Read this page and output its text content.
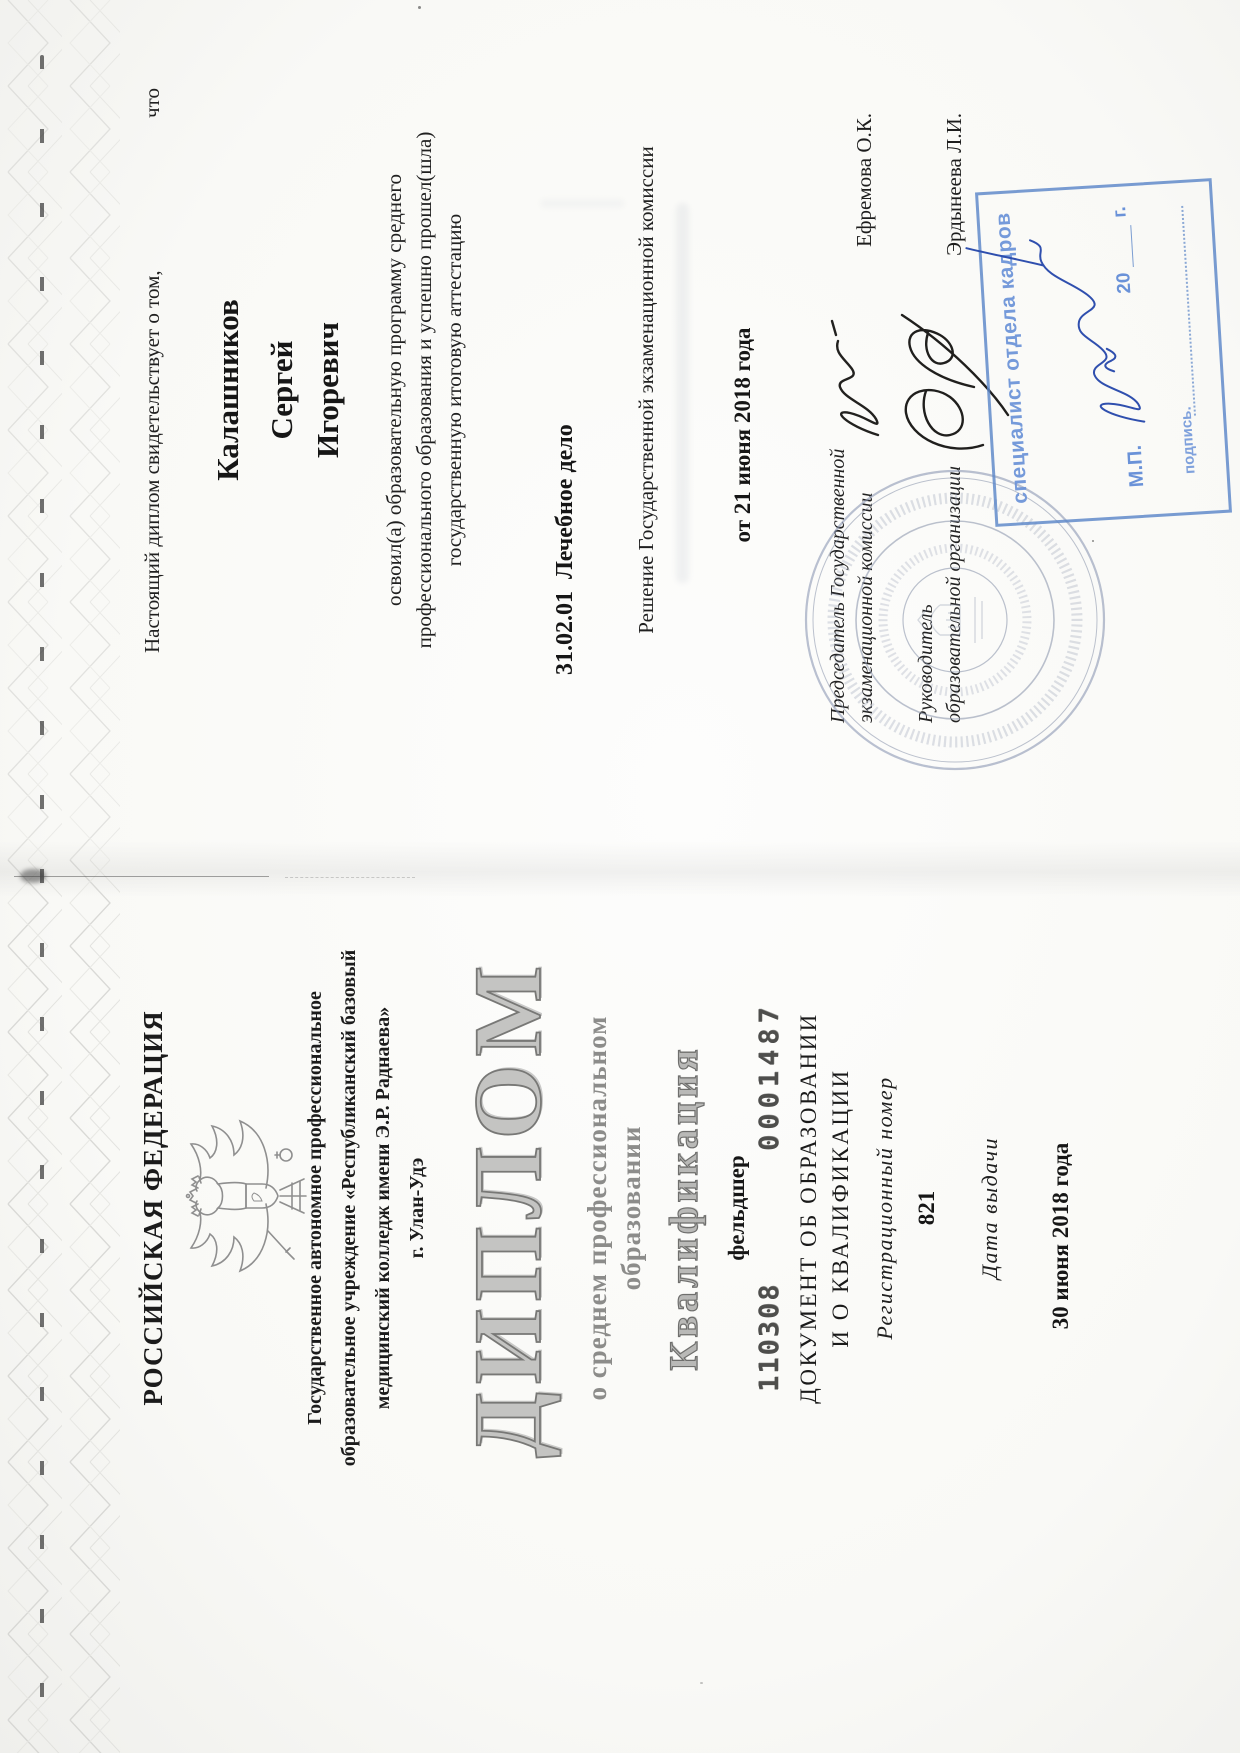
РОССИЙСКАЯ ФЕДЕРАЦИЯ	Государственное автономное профессиональное образовательное учреждение «Республиканский базовый медицинский колледж имени Э.Р. Раднаева» г. Улан-Удэ ДИПЛОМ о среднем профессиональном образовании Квалификация фельдшер
110308
0001487 ДОКУМЕНТ ОБ ОБРАЗОВАНИИ И О КВАЛИФИКАЦИИ Регистрационный номер 821 Дата выдачи 30 июня 2018 года
Настоящий диплом свидетельствует о том,
что
Калашников Сергей Игоревич освоил(а) образовательную программу среднего профессионального образования и успешно прошел(шла) государственную итоговую аттестацию	31.02.01  Лечебное дело	Решение Государственной экзаменационной комиссии	от 21 июня 2018 года
Председатель Государственной экзаменационной комиссии
Ефремова О.К.
Руководитель образовательной организации
Эрдынеева Л.И.
специалист отдела кадров	М.П.
20
г.
подпись.
